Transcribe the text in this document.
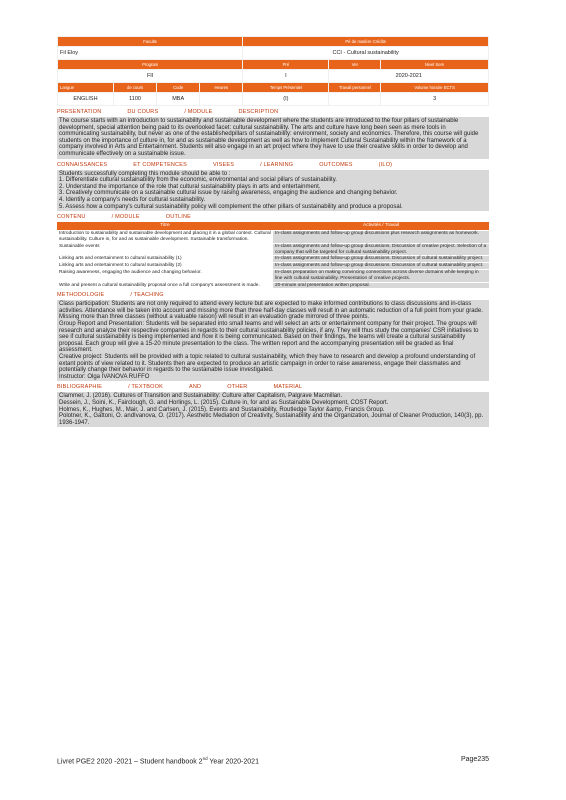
Faculte				Pé de matière Crédits		
Fil Eloy				CCI - Cultural sustainability		
Program				Pré	Ver	Nivel Sem
FII				I	2020-2021	
Langue	de cours	Code	Heures	Temps Présentiel	Travail personnel	Volume horaire ECTS
ENGLISH	1100	MBA		(I)		3
PRESENTATION	DU COURS	/ MODULE	DESCRIPTION
The course starts with an introduction to sustainability and sustainable development where the students are introduced to the four pillars of sustainable development, special attention being paid to its overlooked facet: cultural sustainability. The arts and culture have long been seen as mere tools in communicating sustainability, but never as one of the establishedpillars of sustainability: environment, society and economics. Therefore, this course will guide students on the importance of culture in, for and as sustainable development as well as how to implement Cultural Sustainability within the framework of a company involved in Arts and Entertainment. Students will also engage in an art project where they have to use their creative skills in order to develop and communicate effectively on a sustainable issue.
CONNAISSANCES	ET COMPETENCES	VISEES	/ LEARNING	OUTCOMES	(ILO)

Students successfully completing this module should be able to :

1. Differentiate cultural sustainability from the economic, environmental and social pillars of sustainability.

2. Understand the importance of the role that cultural sustainability plays in arts and entertainment.

3. Creatively communicate on a sustainable cultural issue by raising awareness, engaging the audience and changing behavior.

4. Identify a company's needs for cultural sustainability.

5. Assess how a company's cultural sustainability policy will complement the other pillars of sustainability and produce a proposal.

CONTENU	/ MODULE	OUTLINE
Titre	Activités / Travail
Introduction to sustainability and sustainable development and placing it in a global context. Cultural sustainability. Culture in, for and as sustainable development. Sustainable transformation.	In-class assignments and follow-up group discussions plus research assignments as homework.
Sustainable events	In-class assignments and follow-up group discussions. Discussion of creative project. Selection of a company that will be targeted for cultural sustainability project.
Linking arts and entertainment to cultural sustainability (1)	In-class assignments and follow-up group discussions. Discussion of cultural sustainability project.
Linking arts and entertainment to cultural sustainability (2)	In-class assignments and follow-up group discussions. Discussion of cultural sustainability project.
Raising awareness, engaging the audience and changing behavior.	In-class preparation on making convincing connections across diverse domains while keeping in line with cultural sustainability. Presentation of creative projects.
Write and present a cultural sustainability proposal once a full company's assessment is made.	20-minute oral presentation written proposal.
METHODOLOGIE	/ TEACHING

Class participation: Students are not only required to attend every lecture but are expected to make informed contributions to class discussions and in-class activities. Attendance will be taken into account and missing more than three half-day classes will result in an automatic reduction of a full point from your grade. Missing more than three classes (without a valuable raison) will result in an evaluation grade mirrored of three points.

Group Report and Presentation: Students will be separated into small teams and will select an arts or entertainment company for their project. The groups will research and analyze their respective companies in regards to their cultural sustainability policies, if any. They will thus study the companies' CSR initiatives to see if cultural sustainability is being implemented and how it is being communicated. Based on their findings, the teams will create a cultural sustainability proposal. Each group will give a 15-20 minute presentation to the class. The written report and the accompanying presentation will be graded as final assessment.

Creative project: Students will be provided with a topic related to cultural sustainability, which they have to research and develop a profound understanding of extant points of view related to it. Students then are expected to produce an artistic campaign in order to raise awareness, engage their classmates and potentially change their behavior in regards to the sustainable issue investigated.

Instructor: Olga IVANOVA RUFFO

BIBLIOGRAPHIE	/ TEXTBOOK	AND	OTHER	MATERIAL

Clammer, J. (2016). Cultures of Transition and Sustainability: Culture after Capitalism, Palgrave Macmillan.

Dessein, J., Soini, K., Fairclough, G. and Horlings, L. (2015). Culture in, for and as Sustainable Development, COST Report.

Holmes, K., Hughes, M., Mair, J. and Carlsen, J. (2015). Events and Sustainability, Routledge Taylor &amp, Francis Group.

Polotner, K., Gattoni, O. andIvanova, O. (2017). Aesthetic Mediation of Creativity, Sustainability and the Organization, Journal of Cleaner Production, 140(3), pp. 1936-1947.

Livret PGE2 2020 -2021 – Student handbook 2nd Year 2020-2021	Page235
